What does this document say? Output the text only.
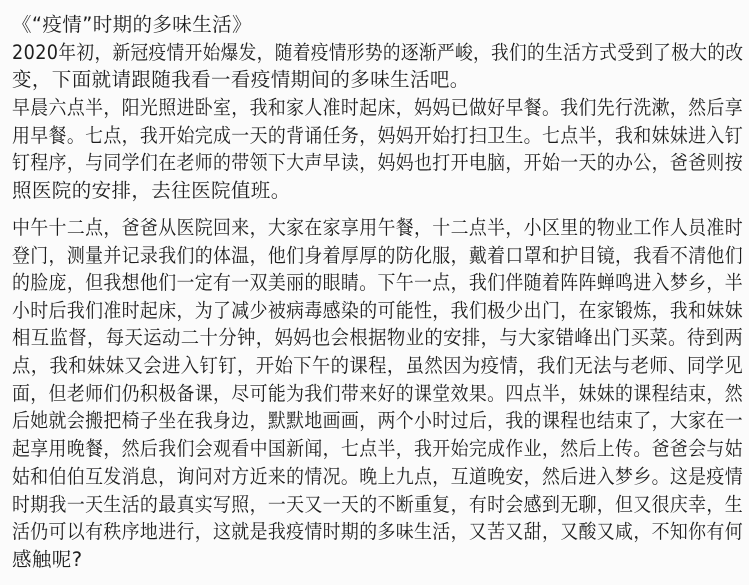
《“疫情”时期的多味生活》
2020年初，新冠疫情开始爆发，随着疫情形势的逐渐严峻，我们的生活方式受到了极大的改
变，下面就请跟随我看一看疫情期间的多味生活吧。
早晨六点半，阳光照进卧室，我和家人准时起床，妈妈已做好早餐。我们先行洗漱，然后享
用早餐。七点，我开始完成一天的背诵任务，妈妈开始打扫卫生。七点半，我和妹妹进入钉
钉程序，与同学们在老师的带领下大声早读，妈妈也打开电脑，开始一天的办公，爸爸则按
照医院的安排，去往医院值班。
中午十二点，爸爸从医院回来，大家在家享用午餐，十二点半，小区里的物业工作人员准时
登门，测量并记录我们的体温，他们身着厚厚的防化服，戴着口罩和护目镜，我看不清他们
的脸庞，但我想他们一定有一双美丽的眼睛。下午一点，我们伴随着阵阵蝉鸣进入梦乡，半
小时后我们准时起床，为了减少被病毒感染的可能性，我们极少出门，在家锻炼，我和妹妹
相互监督，每天运动二十分钟，妈妈也会根据物业的安排，与大家错峰出门买菜。待到两
点，我和妹妹又会进入钉钉，开始下午的课程，虽然因为疫情，我们无法与老师、同学见
面，但老师们仍积极备课，尽可能为我们带来好的课堂效果。四点半，妹妹的课程结束，然
后她就会搬把椅子坐在我身边，默默地画画，两个小时过后，我的课程也结束了，大家在一
起享用晚餐，然后我们会观看中国新闻，七点半，我开始完成作业，然后上传。爸爸会与姑
姑和伯伯互发消息，询问对方近来的情况。晚上九点，互道晚安，然后进入梦乡。这是疫情
时期我一天生活的最真实写照，一天又一天的不断重复，有时会感到无聊，但又很庆幸，生
活仍可以有秩序地进行，这就是我疫情时期的多味生活，又苦又甜，又酸又咸，不知你有何
感触呢?
